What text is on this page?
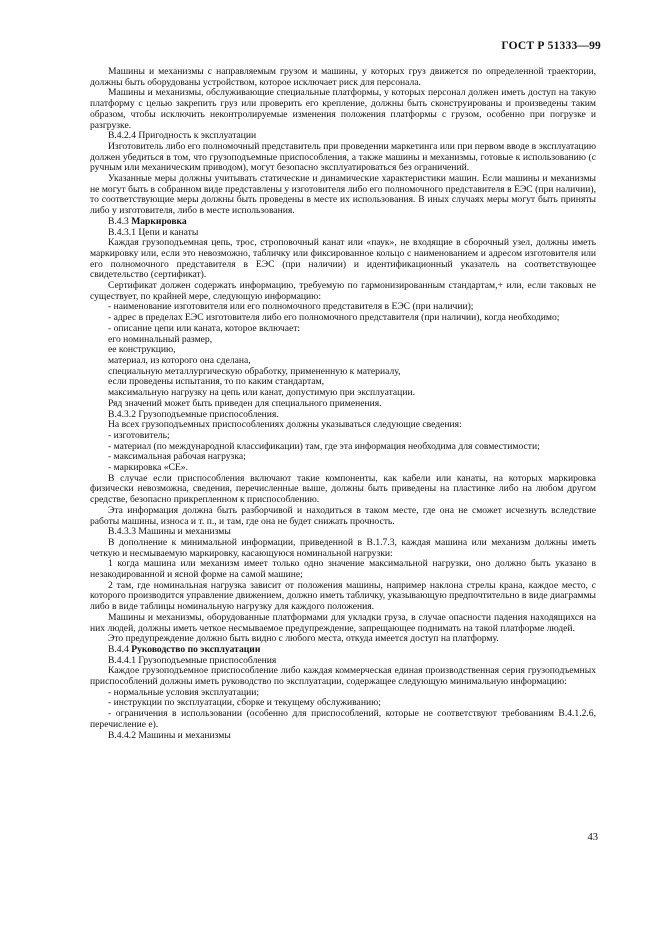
ГОСТ Р 51333—99

Машины и механизмы с направляемым грузом и машины, у которых груз движется по определенной траектории, должны быть оборудованы устройством, которое исключает риск для персонала.

Машины и механизмы, обслуживающие специальные платформы, у которых персонал должен иметь доступ на такую платформу с целью закрепить груз или проверить его крепление, должны быть сконструированы и произведены таким образом, чтобы исключить неконтролируемые изменения положения платформы с грузом, особенно при погрузке и разгрузке.

В.4.2.4 Пригодность к эксплуатации

Изготовитель либо его полномочный представитель при проведении маркетинга или при первом вводе в эксплуатацию должен убедиться в том, что грузоподъемные приспособления, а также машины и механизмы, готовые к использованию (с ручным или механическим приводом), могут безопасно эксплуатироваться без ограничений.

Указанные меры должны учитывать статические и динамические характеристики машин. Если машины и механизмы не могут быть в собранном виде представлены у изготовителя либо его полномочного представителя в ЕЭС (при наличии), то соответствующие меры должны быть проведены в месте их использования. В иных случаях меры могут быть приняты либо у изготовителя, либо в месте использования.

В.4.3 Маркировка

В.4.3.1 Цепи и канаты

Каждая грузоподъемная цепь, трос, строповочный канат или «паук», не входящие в сборочный узел, должны иметь маркировку или, если это невозможно, табличку или фиксированное кольцо с наименованием и адресом изготовителя или его полномочного представителя в ЕЭС (при наличии) и идентификационный указатель на соответствующее свидетельство (сертификат).

Сертификат должен содержать информацию, требуемую по гармонизированным стандартам,+ или, если таковых не существует, по крайней мере, следующую информацию:

- наименование изготовителя или его полномочного представителя в ЕЭС (при наличии);

- адрес в пределах ЕЭС изготовителя либо его полномочного представителя (при наличии), когда необходимо;

- описание цепи или каната, которое включает:

его номинальный размер,

ее конструкцию,

материал, из которого она сделана,

специальную металлургическую обработку, примененную к материалу,

если проведены испытания, то по каким стандартам,

максимальную нагрузку на цепь или канат, допустимую при эксплуатации.

Ряд значений может быть приведен для специального применения.

В.4.3.2 Грузоподъемные приспособления.

На всех грузоподъемных приспособлениях должны указываться следующие сведения:

- изготовитель;

- материал (по международной классификации) там, где эта информация необходима для совместимости;

- максимальная рабочая нагрузка;

- маркировка «CE».

В случае если приспособления включают такие компоненты, как кабели или канаты, на которых маркировка физически невозможна, сведения, перечисленные выше, должны быть приведены на пластинке либо на любом другом средстве, безопасно прикрепленном к приспособлению.

Эта информация должна быть разборчивой и находиться в таком месте, где она не сможет исчезнуть вследствие работы машины, износа и т. п., и там, где она не будет снижать прочность.

В.4.3.3 Машины и механизмы

В дополнение к минимальной информации, приведенной в В.1.7.3, каждая машина или механизм должны иметь четкую и несмываемую маркировку, касающуюся номинальной нагрузки:

1 когда машина или механизм имеет только одно значение максимальной нагрузки, оно должно быть указано в незакодированной и ясной форме на самой машине;

2 там, где номинальная нагрузка зависит от положения машины, например наклона стрелы крана, каждое место, с которого производится управление движением, должно иметь табличку, указывающую предпочтительно в виде диаграммы либо в виде таблицы номинальную нагрузку для каждого положения.

Машины и механизмы, оборудованные платформами для укладки груза, в случае опасности падения находящихся на них людей, должны иметь четкое несмываемое предупреждение, запрещающее поднимать на такой платформе людей.

Это предупреждение должно быть видно с любого места, откуда имеется доступ на платформу.

В.4.4 Руководство по эксплуатации

В.4.4.1 Грузоподъемные приспособления

Каждое грузоподъемное приспособление либо каждая коммерческая единая производственная серия грузоподъемных приспособлений должны иметь руководство по эксплуатации, содержащее следующую минимальную информацию:

- нормальные условия эксплуатации;

- инструкции по эксплуатации, сборке и текущему обслуживанию;

- ограничения в использовании (особенно для приспособлений, которые не соответствуют требованиям В.4.1.2.6, перечисление е).

В.4.4.2 Машины и механизмы

43
